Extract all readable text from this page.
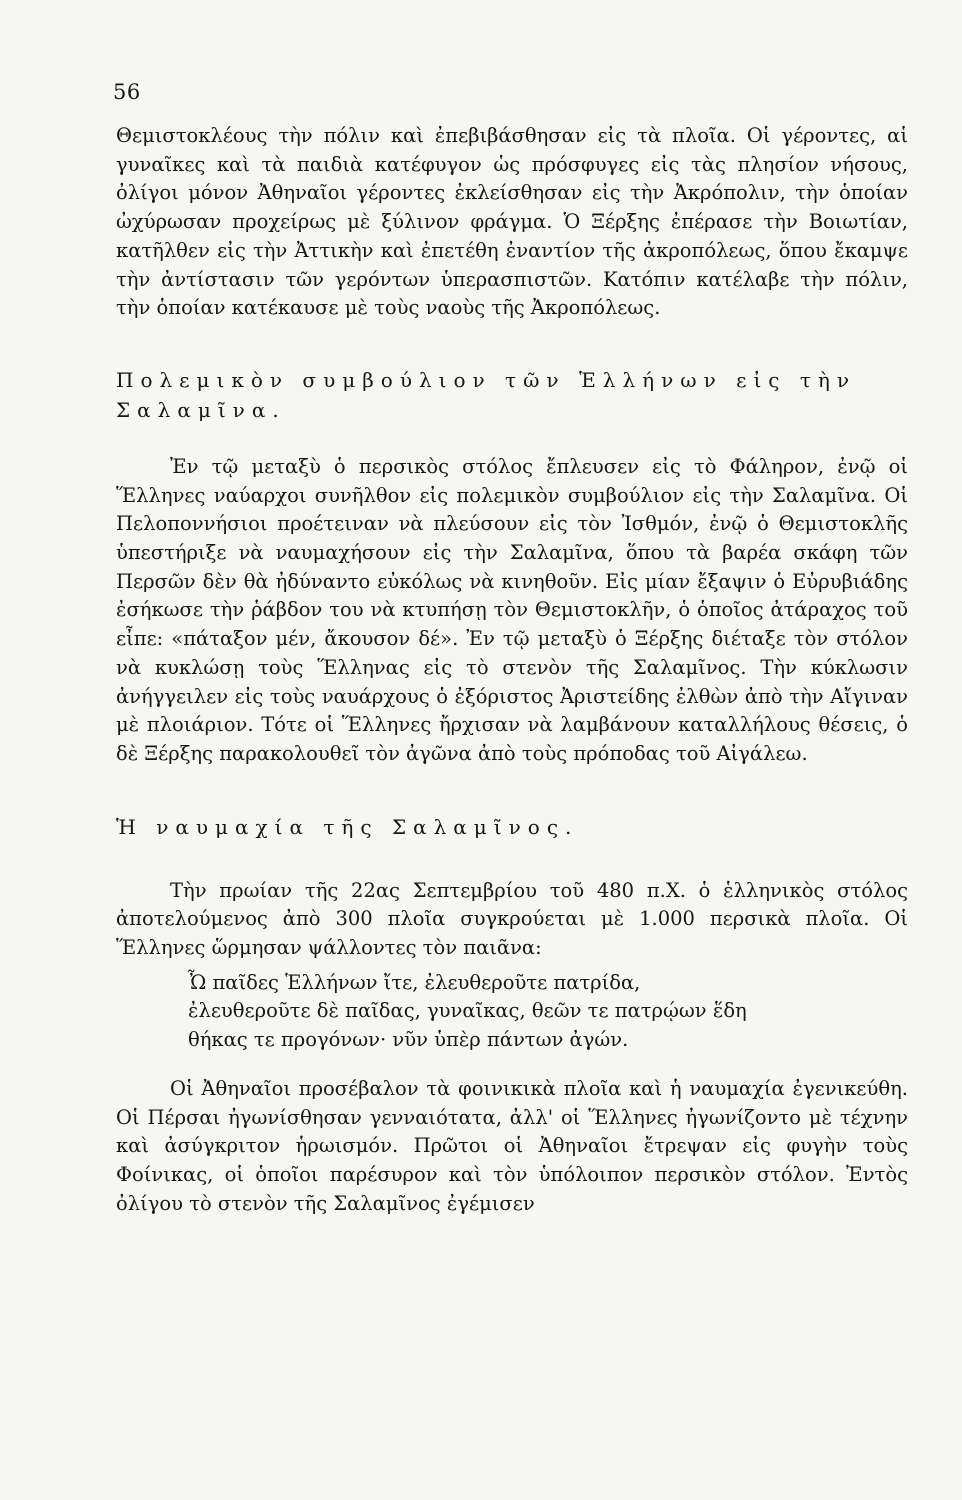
56

Θεμιστοκλέους τὴν πόλιν καὶ ἐπεβιβάσθησαν εἰς τὰ πλοῖα. Οἱ γέροντες, αἱ γυναῖκες καὶ τὰ παιδιὰ κατέφυγον ὡς πρόσφυγες εἰς τὰς πλησίον νήσους, ὀλίγοι μόνον Ἀθηναῖοι γέροντες ἐκλείσθησαν εἰς τὴν Ἀκρόπολιν, τὴν ὁποίαν ὠχύρωσαν προχείρως μὲ ξύλινον φράγμα. Ὁ Ξέρξης ἐπέρασε τὴν Βοιωτίαν, κατῆλθεν εἰς τὴν Ἀττικὴν καὶ ἐπετέθη ἐναντίον τῆς ἀκροπόλεως, ὅπου ἔκαμψε τὴν ἀντίστασιν τῶν γερόντων ὑπερασπιστῶν. Κατόπιν κατέλαβε τὴν πόλιν, τὴν ὁποίαν κατέκαυσε μὲ τοὺς ναοὺς τῆς Ἀκροπόλεως.

Πολεμικὸν συμβούλιον τῶν Ἑλλήνων εἰς τὴν Σαλαμῖνα.

Ἐν τῷ μεταξὺ ὁ περσικὸς στόλος ἔπλευσεν εἰς τὸ Φάληρον, ἐνῷ οἱ Ἕλληνες ναύαρχοι συνῆλθον εἰς πολεμικὸν συμβούλιον εἰς τὴν Σαλαμῖνα. Οἱ Πελοποννήσιοι προέτειναν νὰ πλεύσουν εἰς τὸν Ἰσθμόν, ἐνῷ ὁ Θεμιστοκλῆς ὑπεστήριξε νὰ ναυμαχήσουν εἰς τὴν Σαλαμῖνα, ὅπου τὰ βαρέα σκάφη τῶν Περσῶν δὲν θὰ ἠδύναντο εὐκόλως νὰ κινηθοῦν. Εἰς μίαν ἔξαψιν ὁ Εὐρυβιάδης ἐσήκωσε τὴν ῥάβδον του νὰ κτυπήσῃ τὸν Θεμιστοκλῆν, ὁ ὁποῖος ἀτάραχος τοῦ εἶπε: «πάταξον μέν, ἄκουσον δέ». Ἐν τῷ μεταξὺ ὁ Ξέρξης διέταξε τὸν στόλον νὰ κυκλώσῃ τοὺς Ἕλληνας εἰς τὸ στενὸν τῆς Σαλαμῖνος. Τὴν κύκλωσιν ἀνήγγειλεν εἰς τοὺς ναυάρχους ὁ ἐξόριστος Ἀριστείδης ἐλθὼν ἀπὸ τὴν Αἴγιναν μὲ πλοιάριον. Τότε οἱ Ἕλληνες ἤρχισαν νὰ λαμβάνουν καταλλήλους θέσεις, ὁ δὲ Ξέρξης παρακολουθεῖ τὸν ἀγῶνα ἀπὸ τοὺς πρόποδας τοῦ Αἰγάλεω.

Ἡ ναυμαχία τῆς Σαλαμῖνος.

Τὴν πρωίαν τῆς 22ας Σεπτεμβρίου τοῦ 480 π.Χ. ὁ ἑλληνικὸς στόλος ἀποτελούμενος ἀπὸ 300 πλοῖα συγκρούεται μὲ 1.000 περσικὰ πλοῖα. Οἱ Ἕλληνες ὥρμησαν ψάλλοντες τὸν παιᾶνα:

Ὦ παῖδες Ἑλλήνων ἴτε, ἐλευθεροῦτε πατρίδα,
ἐλευθεροῦτε δὲ παῖδας, γυναῖκας, θεῶν τε πατρῴων ἕδη
θήκας τε προγόνων· νῦν ὑπὲρ πάντων ἀγών.

Οἱ Ἀθηναῖοι προσέβαλον τὰ φοινικικὰ πλοῖα καὶ ἡ ναυμαχία ἐγενικεύθη. Οἱ Πέρσαι ἠγωνίσθησαν γενναιότατα, ἀλλ' οἱ Ἕλληνες ἠγωνίζοντο μὲ τέχνην καὶ ἀσύγκριτον ἡρωισμόν. Πρῶτοι οἱ Ἀθηναῖοι ἔτρεψαν εἰς φυγὴν τοὺς Φοίνικας, οἱ ὁποῖοι παρέσυρον καὶ τὸν ὑπόλοιπον περσικὸν στόλον. Ἐντὸς ὀλίγου τὸ στενὸν τῆς Σαλαμῖνος ἐγέμισεν
